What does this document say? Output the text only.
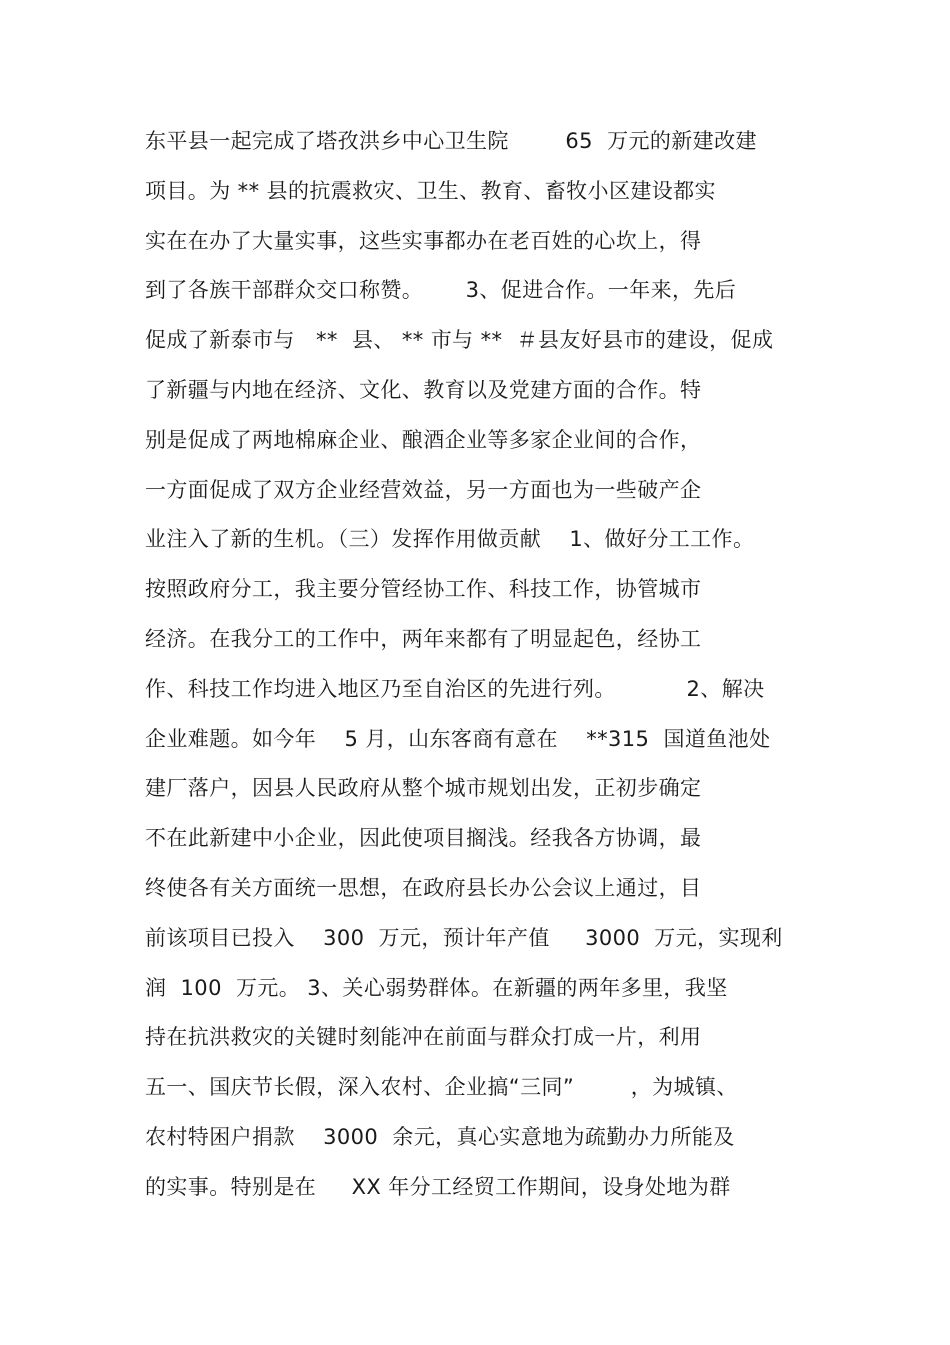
东平县一起完成了塔孜洪乡中心卫生院        65  万元的新建改建
项目。为 ** 县的抗震救灾、卫生、教育、畜牧小区建设都实
实在在办了大量实事，这些实事都办在老百姓的心坎上，得
到了各族干部群众交口称赞。      3、促进合作。一年来，先后
促成了新泰市与   **  县、 ** 市与 **  ＃县友好县市的建设，促成
了新疆与内地在经济、文化、教育以及党建方面的合作。特
别是促成了两地棉麻企业、酿酒企业等多家企业间的合作，
一方面促成了双方企业经营效益，另一方面也为一些破产企
业注入了新的生机。（三）发挥作用做贡献    1、做好分工工作。
按照政府分工，我主要分管经协工作、科技工作，协管城市
经济。在我分工的工作中，两年来都有了明显起色，经协工
作、科技工作均进入地区乃至自治区的先进行列。          2、解决
企业难题。如今年    5 月，山东客商有意在    **315  国道鱼池处
建厂落户，因县人民政府从整个城市规划出发，正初步确定
不在此新建中小企业，因此使项目搁浅。经我各方协调，最
终使各有关方面统一思想，在政府县长办公会议上通过，目
前该项目已投入    300  万元，预计年产值     3000  万元，实现利
润  100  万元。 3、关心弱势群体。在新疆的两年多里，我坚
持在抗洪救灾的关键时刻能冲在前面与群众打成一片，利用
五一、国庆节长假，深入农村、企业搞“三同”        ，为城镇、
农村特困户捐款    3000  余元，真心实意地为疏勤办力所能及
的实事。特别是在     XX 年分工经贸工作期间，设身处地为群
